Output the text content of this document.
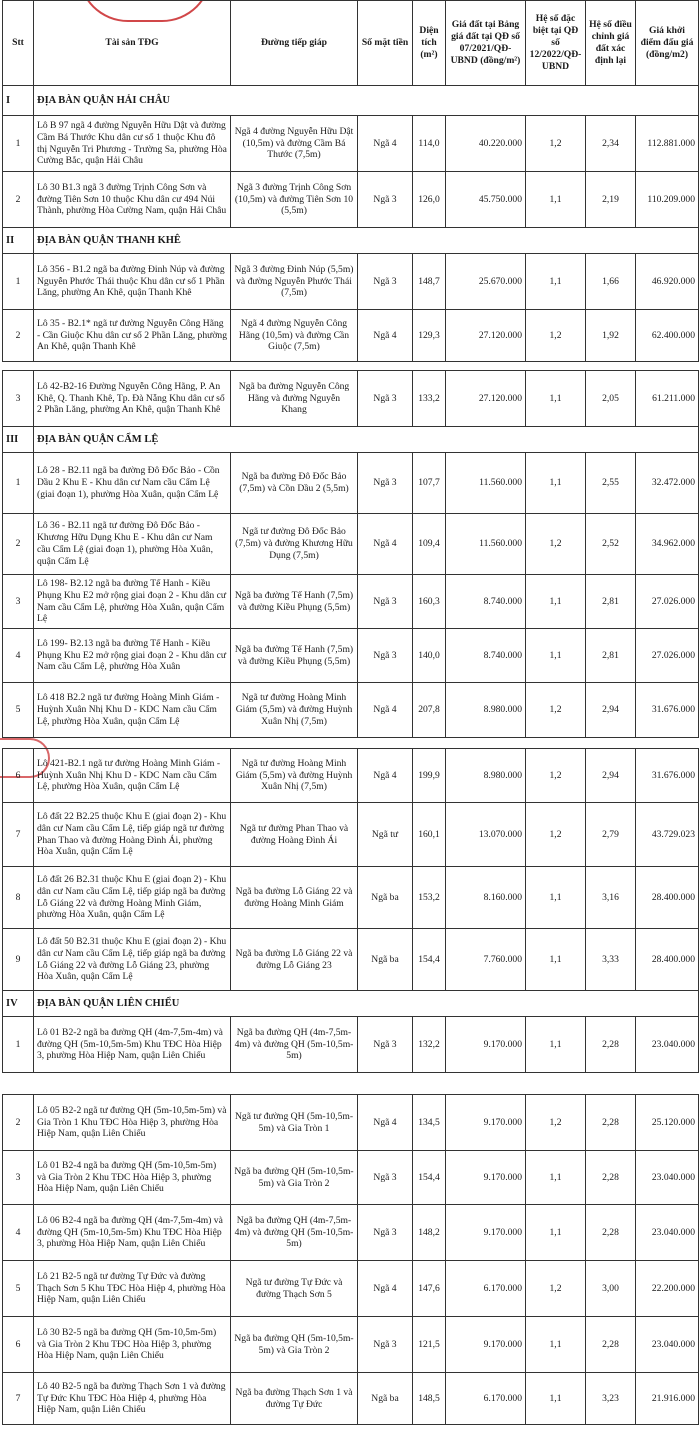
Stt	Tài sản TĐG	Đường tiếp giáp	Số mặt tiền	Diện tích (m²)	Giá đất tại Bảng giá đất tại QĐ số 07/2021/QĐ-UBND (đồng/m²)	Hệ số đặc biệt tại QĐ số 12/2022/QĐ-UBND	Hệ số điều chỉnh giá đất xác định lại	Giá khởi điểm đấu giá (đồng/m2)
I	ĐỊA BÀN QUẬN HẢI CHÂU							
1	Lô B 97 ngã 4 đường Nguyễn Hữu Dật và đường Cầm Bá Thước Khu dân cư số 1 thuộc Khu đô thị Nguyễn Tri Phương - Trường Sa, phường Hòa Cường Bắc, quận Hải Châu	Ngã 4 đường Nguyễn Hữu Dật (10,5m) và đường Cầm Bá Thước (7,5m)	Ngã 4	114,0	40.220.000	1,2	2,34	112.881.000
2	Lô 30 B1.3 ngã 3 đường Trịnh Công Sơn và đường Tiên Sơn 10 thuộc Khu dân cư 494 Núi Thành, phường Hòa Cường Nam, quận Hải Châu	Ngã 3 đường Trịnh Công Sơn (10,5m) và đường Tiên Sơn 10 (5,5m)	Ngã 3	126,0	45.750.000	1,1	2,19	110.209.000
II	ĐỊA BÀN QUẬN THANH KHÊ							
1	Lô 356 - B1.2 ngã ba đường Đinh Núp và đường Nguyễn Phước Thái thuộc Khu dân cư số 1 Phần Lăng, phường An Khê, quận Thanh Khê	Ngã 3 đường Đinh Núp (5,5m) và đường Nguyễn Phước Thái (7,5m)	Ngã 3	148,7	25.670.000	1,1	1,66	46.920.000
2	Lô 35 - B2.1* ngã tư đường Nguyễn Công Hãng - Cần Giuộc Khu dân cư số 2 Phần Lăng, phường An Khê, quận Thanh Khê	Ngã 4 đường Nguyễn Công Hãng (10,5m) và đường Cần Giuộc (7,5m)	Ngã 4	129,3	27.120.000	1,2	1,92	62.400.000
3	Lô 42-B2-16 Đường Nguyễn Công Hãng, P. An Khê, Q. Thanh Khê, Tp. Đà Nẵng Khu dân cư số 2 Phần Lăng, phường An Khê, quận Thanh Khê	Ngã ba đường Nguyễn Công Hãng và đường Nguyễn Khang	Ngã 3	133,2	27.120.000	1,1	2,05	61.211.000
III	ĐỊA BÀN QUẬN CẨM LỆ							
1	Lô 28 - B2.11 ngã ba đường Đô Đốc Bảo - Cồn Dầu 2 Khu E - Khu dân cư Nam cầu Cẩm Lệ (giai đoạn 1), phường Hòa Xuân, quận Cẩm Lệ	Ngã ba đường Đô Đốc Bảo (7,5m) và Cồn Dầu 2 (5,5m)	Ngã 3	107,7	11.560.000	1,1	2,55	32.472.000
2	Lô 36 - B2.11 ngã tư đường Đô Đốc Bảo - Khương Hữu Dụng Khu E - Khu dân cư Nam cầu Cẩm Lệ (giai đoạn 1), phường Hòa Xuân, quận Cẩm Lệ	Ngã tư đường Đô Đốc Bảo (7,5m) và đường Khương Hữu Dụng (7,5m)	Ngã 4	109,4	11.560.000	1,2	2,52	34.962.000
3	Lô 198- B2.12 ngã ba đường Tế Hanh - Kiều Phụng Khu E2 mở rộng giai đoạn 2 - Khu dân cư Nam cầu Cẩm Lệ, phường Hòa Xuân, quận Cẩm Lệ	Ngã ba đường Tế Hanh (7,5m) và đường Kiều Phụng (5,5m)	Ngã 3	160,3	8.740.000	1,1	2,81	27.026.000
4	Lô 199- B2.13 ngã ba đường Tế Hanh - Kiều Phụng Khu E2 mở rộng giai đoạn 2 - Khu dân cư Nam cầu Cẩm Lệ, phường Hòa Xuân	Ngã ba đường Tế Hanh (7,5m) và đường Kiều Phụng (5,5m)	Ngã 3	140,0	8.740.000	1,1	2,81	27.026.000
5	Lô 418 B2.2 ngã tư đường Hoàng Minh Giám - Huỳnh Xuân Nhị Khu D - KDC Nam cầu Cẩm Lệ, phường Hòa Xuân, quận Cẩm Lệ	Ngã tư đường Hoàng Minh Giám (5,5m) và đường Huỳnh Xuân Nhị (7,5m)	Ngã 4	207,8	8.980.000	1,2	2,94	31.676.000
6	Lô 421-B2.1 ngã tư đường Hoàng Minh Giám - Huỳnh Xuân Nhị Khu D - KDC Nam cầu Cẩm Lệ, phường Hòa Xuân, quận Cẩm Lệ	Ngã tư đường Hoàng Minh Giám (5,5m) và đường Huỳnh Xuân Nhị (7,5m)	Ngã 4	199,9	8.980.000	1,2	2,94	31.676.000
7	Lô đất 22 B2.25 thuộc Khu E (giai đoạn 2) - Khu dân cư Nam cầu Cẩm Lệ, tiếp giáp ngã tư đường Phan Thao và đường Hoàng Đình Ái, phường Hòa Xuân, quận Cẩm Lệ	Ngã tư đường Phan Thao và đường Hoàng Đình Ái	Ngã tư	160,1	13.070.000	1,2	2,79	43.729.023
8	Lô đất 26 B2.31 thuộc Khu E (giai đoạn 2) - Khu dân cư Nam cầu Cẩm Lệ, tiếp giáp ngã ba đường Lỗ Giáng 22 và đường Hoàng Minh Giám, phường Hòa Xuân, quận Cẩm Lệ	Ngã ba đường Lỗ Giáng 22 và đường Hoàng Minh Giám	Ngã ba	153,2	8.160.000	1,1	3,16	28.400.000
9	Lô đất 50 B2.31 thuộc Khu E (giai đoạn 2) - Khu dân cư Nam cầu Cẩm Lệ, tiếp giáp ngã ba đường Lỗ Giáng 22 và đường Lỗ Giáng 23, phường Hòa Xuân, quận Cẩm Lệ	Ngã ba đường Lỗ Giáng 22 và đường Lỗ Giáng 23	Ngã ba	154,4	7.760.000	1,1	3,33	28.400.000
IV	ĐỊA BÀN QUẬN LIÊN CHIỂU							
1	Lô 01 B2-2 ngã ba đường QH (4m-7,5m-4m) và đường QH (5m-10,5m-5m) Khu TĐC Hòa Hiệp 3, phường Hòa Hiệp Nam, quận Liên Chiểu	Ngã ba đường QH (4m-7,5m-4m) và đường QH (5m-10,5m-5m)	Ngã 3	132,2	9.170.000	1,1	2,28	23.040.000
2	Lô 05 B2-2 ngã tư đường QH (5m-10,5m-5m) và Gia Tròn 1 Khu TĐC Hòa Hiệp 3, phường Hòa Hiệp Nam, quận Liên Chiểu	Ngã tư đường QH (5m-10,5m-5m) và Gia Tròn 1	Ngã 4	134,5	9.170.000	1,2	2,28	25.120.000
3	Lô 01 B2-4 ngã ba đường QH (5m-10,5m-5m) và Gia Tròn 2 Khu TĐC Hòa Hiệp 3, phường Hòa Hiệp Nam, quận Liên Chiểu	Ngã ba đường QH (5m-10,5m-5m) và Gia Tròn 2	Ngã 3	154,4	9.170.000	1,1	2,28	23.040.000
4	Lô 06 B2-4 ngã ba đường QH (4m-7,5m-4m) và đường QH (5m-10,5m-5m) Khu TĐC Hòa Hiệp 3, phường Hòa Hiệp Nam, quận Liên Chiểu	Ngã ba đường QH (4m-7,5m-4m) và đường QH (5m-10,5m-5m)	Ngã 3	148,2	9.170.000	1,1	2,28	23.040.000
5	Lô 21 B2-5 ngã tư đường Tự Đức và đường Thạch Sơn 5 Khu TĐC Hòa Hiệp 4, phường Hòa Hiệp Nam, quận Liên Chiểu	Ngã tư đường Tự Đức và đường Thạch Sơn 5	Ngã 4	147,6	6.170.000	1,2	3,00	22.200.000
6	Lô 30 B2-5 ngã ba đường QH (5m-10,5m-5m) và Gia Tròn 2 Khu TĐC Hòa Hiệp 3, phường Hòa Hiệp Nam, quận Liên Chiểu	Ngã ba đường QH (5m-10,5m-5m) và Gia Tròn 2	Ngã 3	121,5	9.170.000	1,1	2,28	23.040.000
7	Lô 40 B2-5 ngã ba đường Thạch Sơn 1 và đường Tự Đức Khu TĐC Hòa Hiệp 4, phường Hòa Hiệp Nam, quận Liên Chiểu	Ngã ba đường Thạch Sơn 1 và đường Tự Đức	Ngã ba	148,5	6.170.000	1,1	3,23	21.916.000
